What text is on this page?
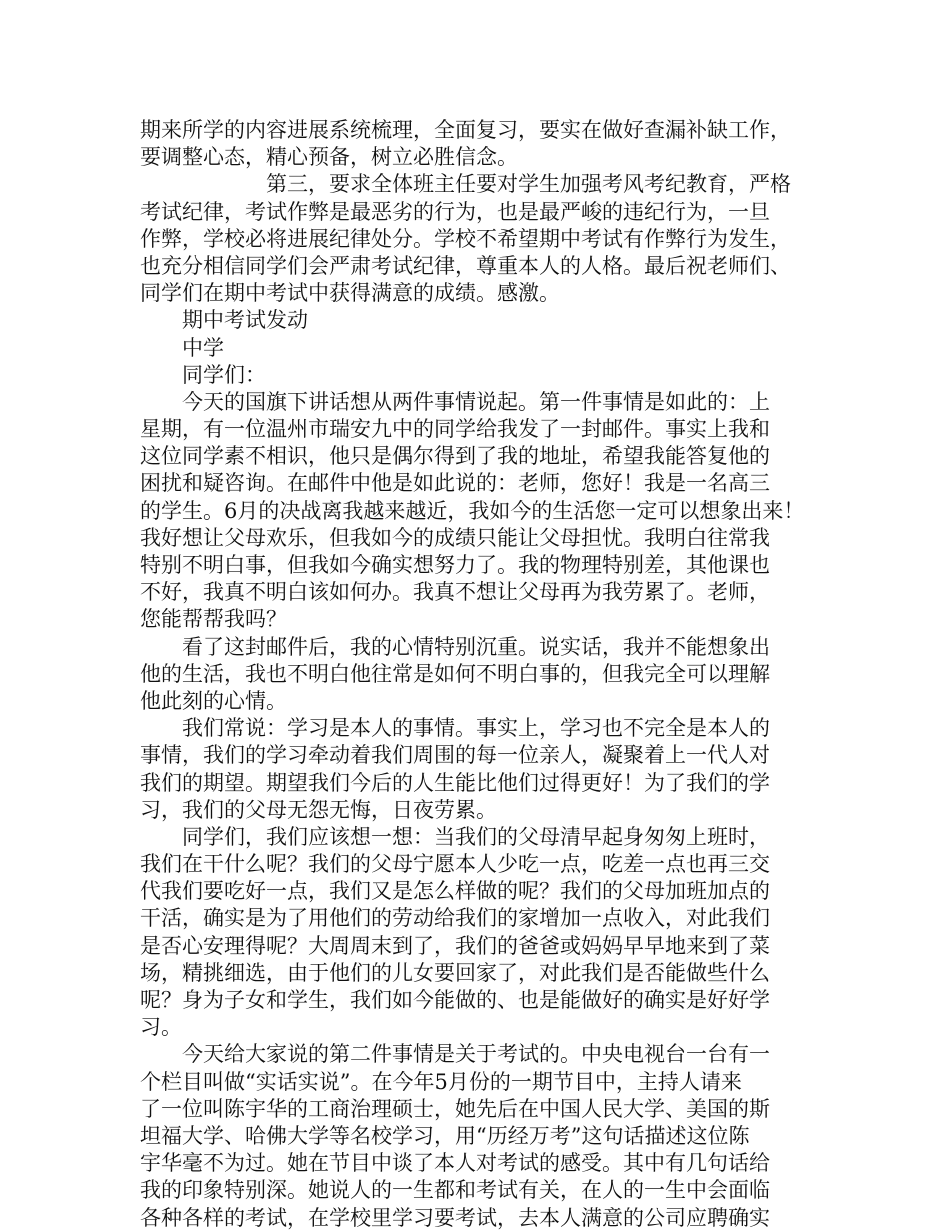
期来所学的内容进展系统梳理，全面复习，要实在做好查漏补缺工作，
要调整心态，精心预备，树立必胜信念。
　　　　　　第三，要求全体班主任要对学生加强考风考纪教育，严格
考试纪律，考试作弊是最恶劣的行为，也是最严峻的违纪行为，一旦
作弊，学校必将进展纪律处分。学校不希望期中考试有作弊行为发生，
也充分相信同学们会严肃考试纪律，尊重本人的人格。最后祝老师们、
同学们在期中考试中获得满意的成绩。感激。
　　期中考试发动
　　中学
　　同学们：
　　今天的国旗下讲话想从两件事情说起。第一件事情是如此的：上
星期，有一位温州市瑞安九中的同学给我发了一封邮件。事实上我和
这位同学素不相识，他只是偶尔得到了我的地址，希望我能答复他的
困扰和疑咨询。在邮件中他是如此说的：老师，您好！我是一名高三
的学生。6月的决战离我越来越近，我如今的生活您一定可以想象出来！
我好想让父母欢乐，但我如今的成绩只能让父母担忧。我明白往常我
特别不明白事，但我如今确实想努力了。我的物理特别差，其他课也
不好，我真不明白该如何办。我真不想让父母再为我劳累了。老师，
您能帮帮我吗？
　　看了这封邮件后，我的心情特别沉重。说实话，我并不能想象出
他的生活，我也不明白他往常是如何不明白事的，但我完全可以理解
他此刻的心情。
　　我们常说：学习是本人的事情。事实上，学习也不完全是本人的
事情，我们的学习牵动着我们周围的每一位亲人，凝聚着上一代人对
我们的期望。期望我们今后的人生能比他们过得更好！为了我们的学
习，我们的父母无怨无悔，日夜劳累。
　　同学们，我们应该想一想：当我们的父母清早起身匆匆上班时，
我们在干什么呢？我们的父母宁愿本人少吃一点，吃差一点也再三交
代我们要吃好一点，我们又是怎么样做的呢？我们的父母加班加点的
干活，确实是为了用他们的劳动给我们的家增加一点收入，对此我们
是否心安理得呢？大周周末到了，我们的爸爸或妈妈早早地来到了菜
场，精挑细选，由于他们的儿女要回家了，对此我们是否能做些什么
呢？身为子女和学生，我们如今能做的、也是能做好的确实是好好学
习。
　　今天给大家说的第二件事情是关于考试的。中央电视台一台有一
个栏目叫做“实话实说”。在今年5月份的一期节目中，主持人请来
了一位叫陈宇华的工商治理硕士，她先后在中国人民大学、美国的斯
坦福大学、哈佛大学等名校学习，用“历经万考”这句话描述这位陈
宇华毫不为过。她在节目中谈了本人对考试的感受。其中有几句话给
我的印象特别深。她说人的一生都和考试有关，在人的一生中会面临
各种各样的考试，在学校里学习要考试，去本人满意的公司应聘确实
